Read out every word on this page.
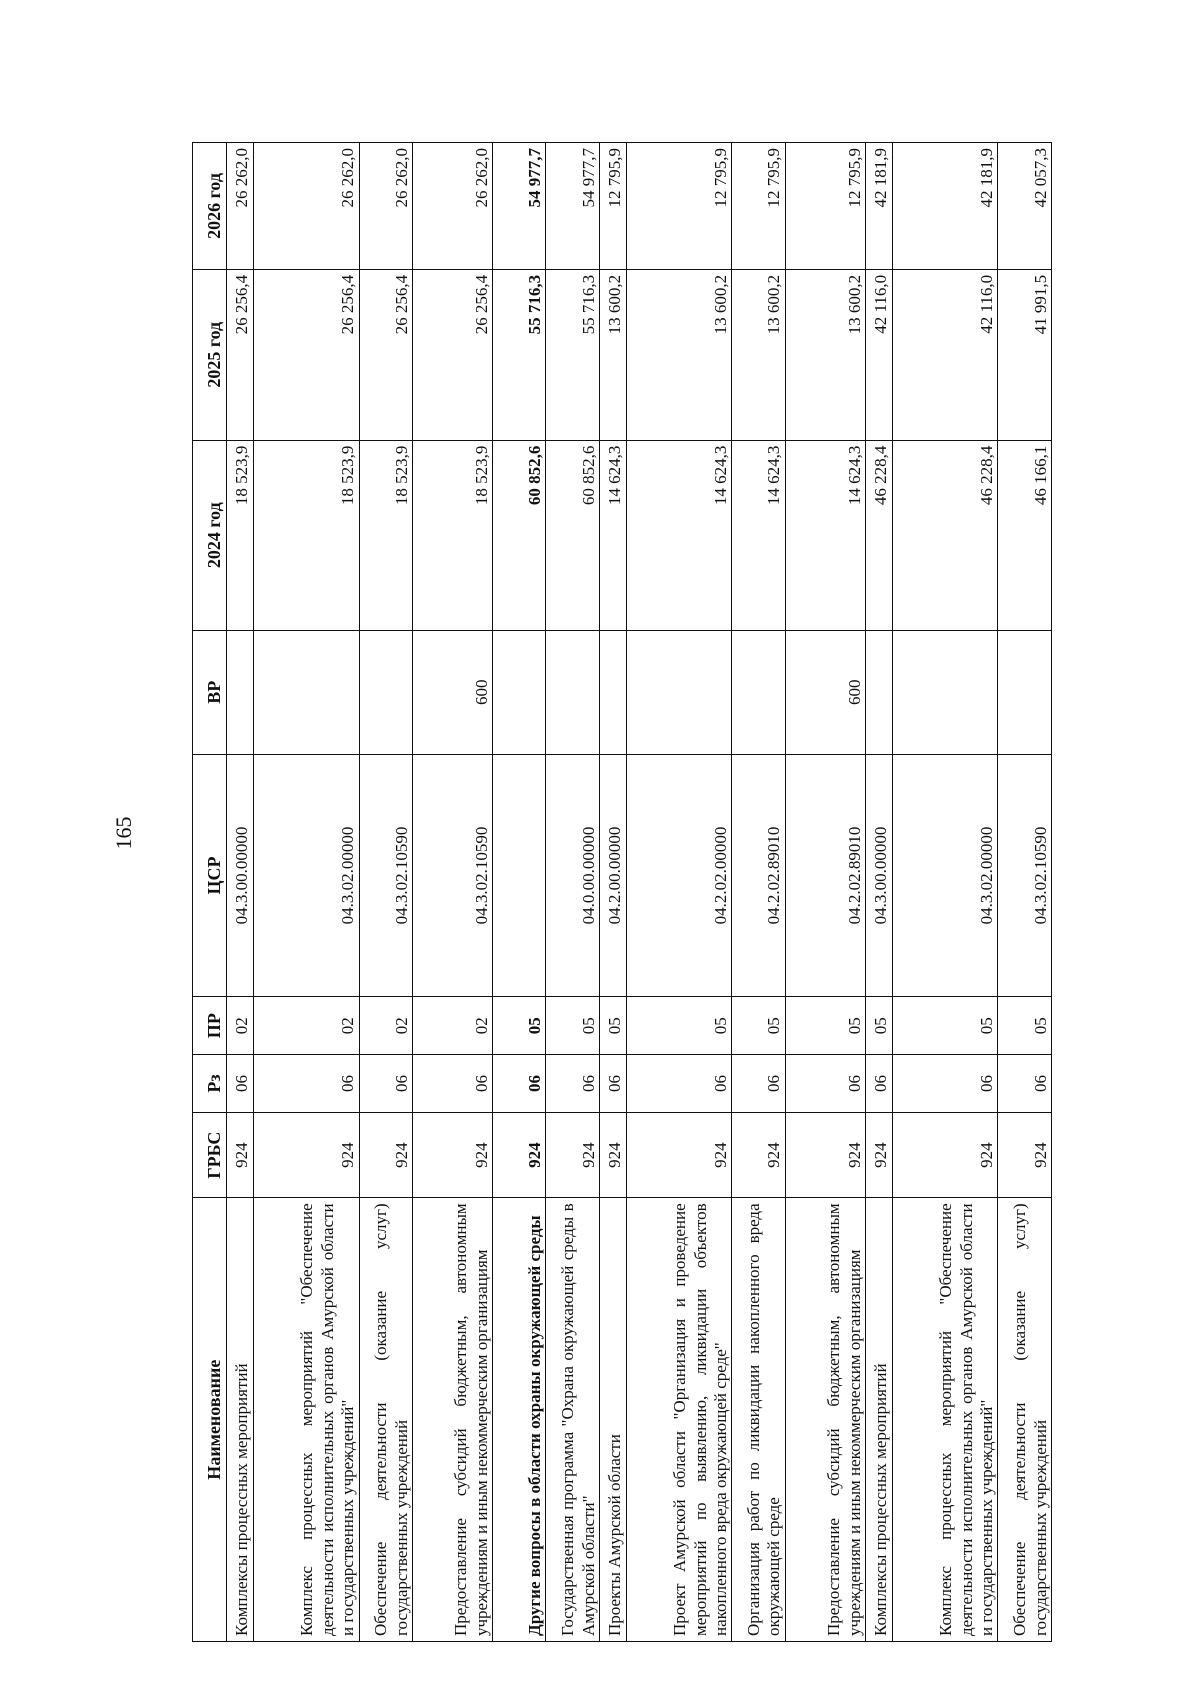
165
Наименование	ГРБС	Рз	ПР	ЦСР	ВР	2024 год	2025 год	2026 год
Комплексы процессных мероприятий	924	06	02	04.3.00.00000		18 523,9	26 256,4	26 262,0
Комплекс процессных мероприятий "Обеспечение деятельности исполнительных органов Амурской области и государственных учреждений"	924	06	02	04.3.02.00000		18 523,9	26 256,4	26 262,0
Обеспечение деятельности (оказание услуг) государственных учреждений	924	06	02	04.3.02.10590		18 523,9	26 256,4	26 262,0
Предоставление субсидий бюджетным, автономным учреждениям и иным некоммерческим организациям	924	06	02	04.3.02.10590	600	18 523,9	26 256,4	26 262,0
Другие вопросы в области охраны окружающей среды	924	06	05			60 852,6	55 716,3	54 977,7
Государственная программа "Охрана окружающей среды в Амурской области"	924	06	05	04.0.00.00000		60 852,6	55 716,3	54 977,7
Проекты Амурской области	924	06	05	04.2.00.00000		14 624,3	13 600,2	12 795,9
Проект Амурской области "Организация и проведение мероприятий по выявлению, ликвидации объектов накопленного вреда окружающей среде"	924	06	05	04.2.02.00000		14 624,3	13 600,2	12 795,9
Организация работ по ликвидации накопленного вреда окружающей среде	924	06	05	04.2.02.89010		14 624,3	13 600,2	12 795,9
Предоставление субсидий бюджетным, автономным учреждениям и иным некоммерческим организациям	924	06	05	04.2.02.89010	600	14 624,3	13 600,2	12 795,9
Комплексы процессных мероприятий	924	06	05	04.3.00.00000		46 228,4	42 116,0	42 181,9
Комплекс процессных мероприятий "Обеспечение деятельности исполнительных органов Амурской области и государственных учреждений"	924	06	05	04.3.02.00000		46 228,4	42 116,0	42 181,9
Обеспечение деятельности (оказание услуг) государственных учреждений	924	06	05	04.3.02.10590		46 166,1	41 991,5	42 057,3
